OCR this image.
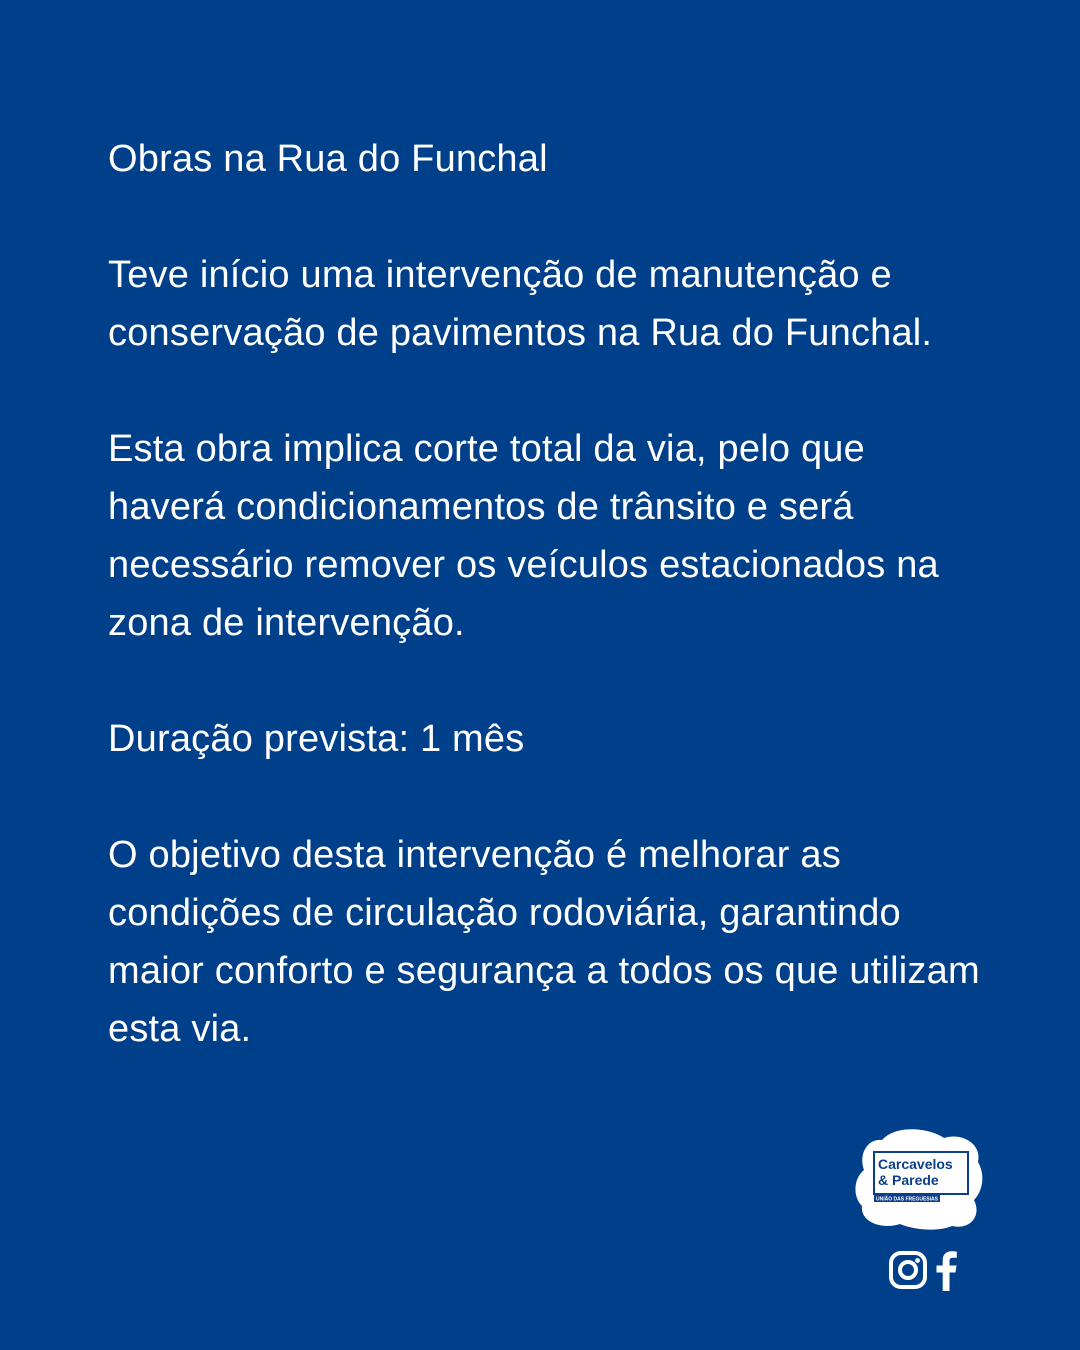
Obras na Rua do Funchal

Teve início uma intervenção de manutenção e conservação de pavimentos na Rua do Funchal.

Esta obra implica corte total da via, pelo que haverá condicionamentos de trânsito e será necessário remover os veículos estacionados na zona de intervenção.

Duração prevista: 1 mês

O objetivo desta intervenção é melhorar as condições de circulação rodoviária, garantindo maior conforto e segurança a todos os que utilizam esta via.

Carcavelos
& Parede
UNIÃO DAS FREGUESIAS
